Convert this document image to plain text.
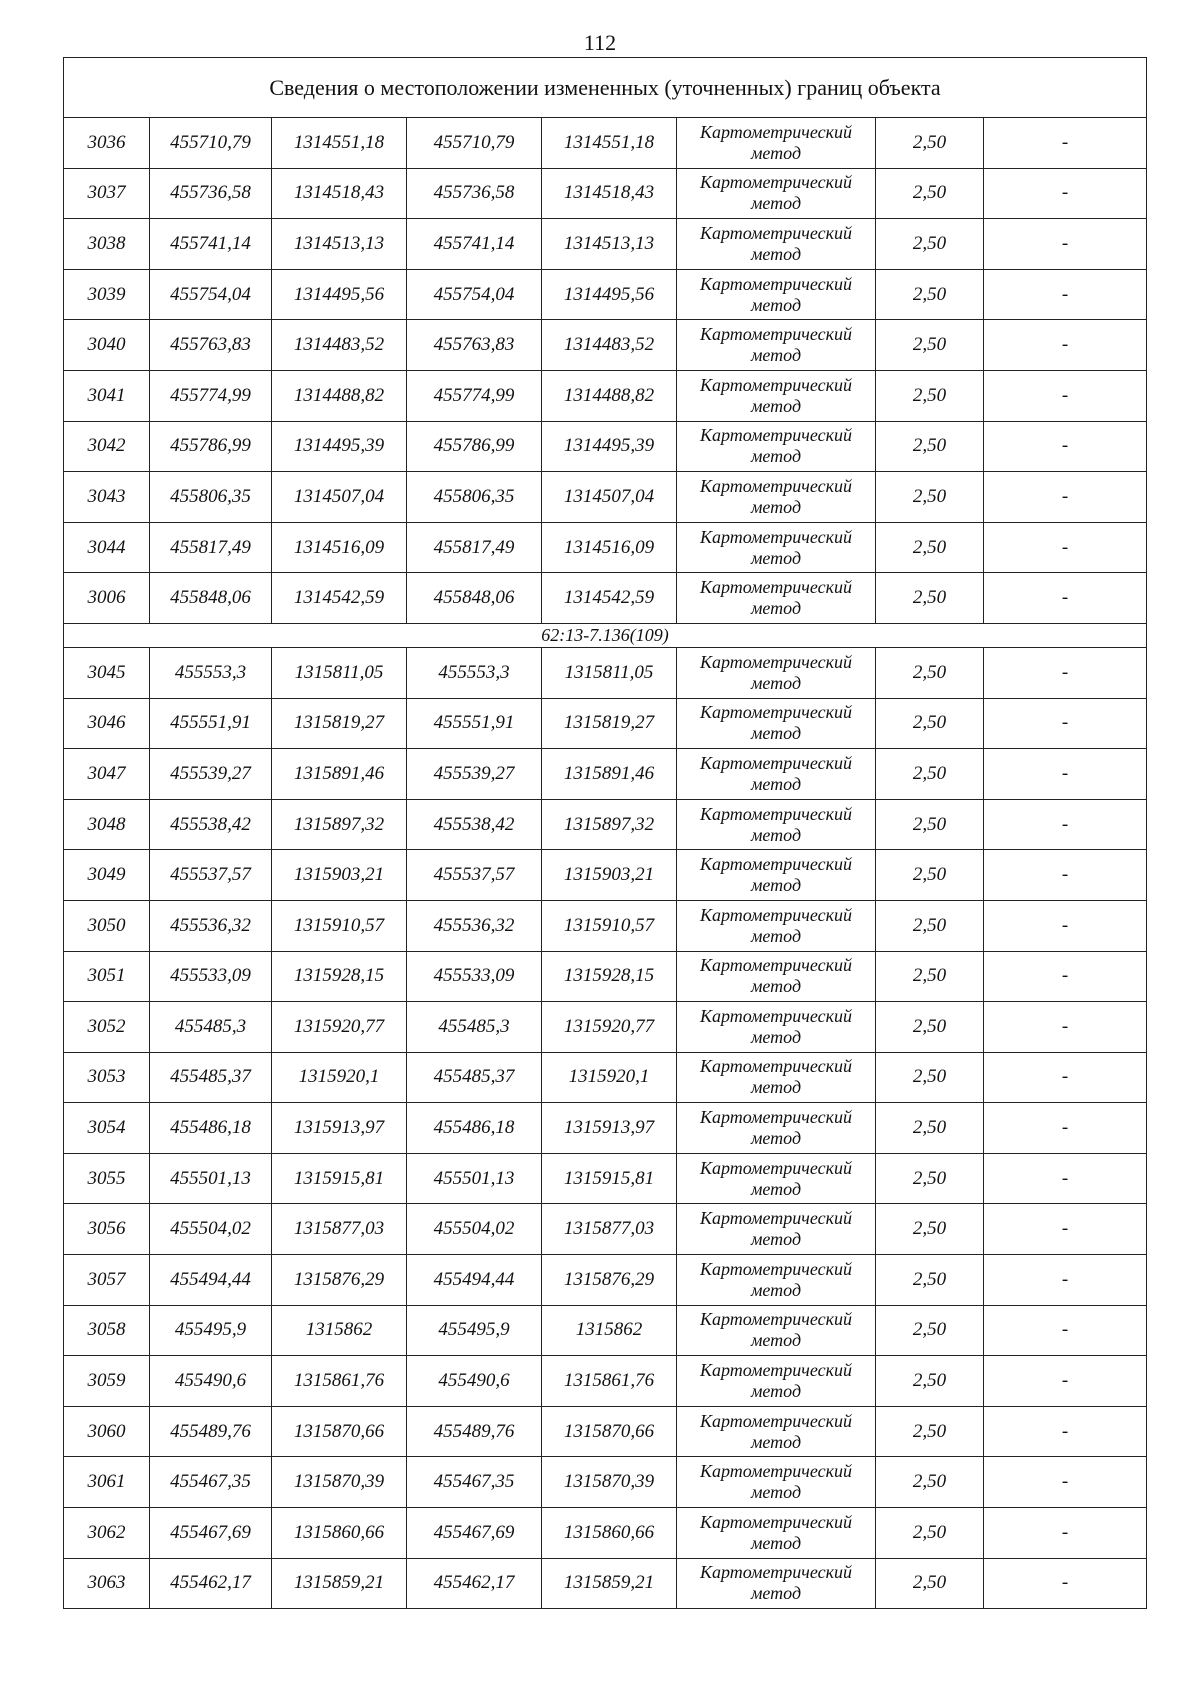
112
Сведения о местоположении измененных (уточненных) границ объекта							
3036	455710,79	1314551,18	455710,79	1314551,18	Картометрический
метод	2,50	-
3037	455736,58	1314518,43	455736,58	1314518,43	Картометрический
метод	2,50	-
3038	455741,14	1314513,13	455741,14	1314513,13	Картометрический
метод	2,50	-
3039	455754,04	1314495,56	455754,04	1314495,56	Картометрический
метод	2,50	-
3040	455763,83	1314483,52	455763,83	1314483,52	Картометрический
метод	2,50	-
3041	455774,99	1314488,82	455774,99	1314488,82	Картометрический
метод	2,50	-
3042	455786,99	1314495,39	455786,99	1314495,39	Картометрический
метод	2,50	-
3043	455806,35	1314507,04	455806,35	1314507,04	Картометрический
метод	2,50	-
3044	455817,49	1314516,09	455817,49	1314516,09	Картометрический
метод	2,50	-
3006	455848,06	1314542,59	455848,06	1314542,59	Картометрический
метод	2,50	-
62:13-7.136(109)							
3045	455553,3	1315811,05	455553,3	1315811,05	Картометрический
метод	2,50	-
3046	455551,91	1315819,27	455551,91	1315819,27	Картометрический
метод	2,50	-
3047	455539,27	1315891,46	455539,27	1315891,46	Картометрический
метод	2,50	-
3048	455538,42	1315897,32	455538,42	1315897,32	Картометрический
метод	2,50	-
3049	455537,57	1315903,21	455537,57	1315903,21	Картометрический
метод	2,50	-
3050	455536,32	1315910,57	455536,32	1315910,57	Картометрический
метод	2,50	-
3051	455533,09	1315928,15	455533,09	1315928,15	Картометрический
метод	2,50	-
3052	455485,3	1315920,77	455485,3	1315920,77	Картометрический
метод	2,50	-
3053	455485,37	1315920,1	455485,37	1315920,1	Картометрический
метод	2,50	-
3054	455486,18	1315913,97	455486,18	1315913,97	Картометрический
метод	2,50	-
3055	455501,13	1315915,81	455501,13	1315915,81	Картометрический
метод	2,50	-
3056	455504,02	1315877,03	455504,02	1315877,03	Картометрический
метод	2,50	-
3057	455494,44	1315876,29	455494,44	1315876,29	Картометрический
метод	2,50	-
3058	455495,9	1315862	455495,9	1315862	Картометрический
метод	2,50	-
3059	455490,6	1315861,76	455490,6	1315861,76	Картометрический
метод	2,50	-
3060	455489,76	1315870,66	455489,76	1315870,66	Картометрический
метод	2,50	-
3061	455467,35	1315870,39	455467,35	1315870,39	Картометрический
метод	2,50	-
3062	455467,69	1315860,66	455467,69	1315860,66	Картометрический
метод	2,50	-
3063	455462,17	1315859,21	455462,17	1315859,21	Картометрический
метод	2,50	-
